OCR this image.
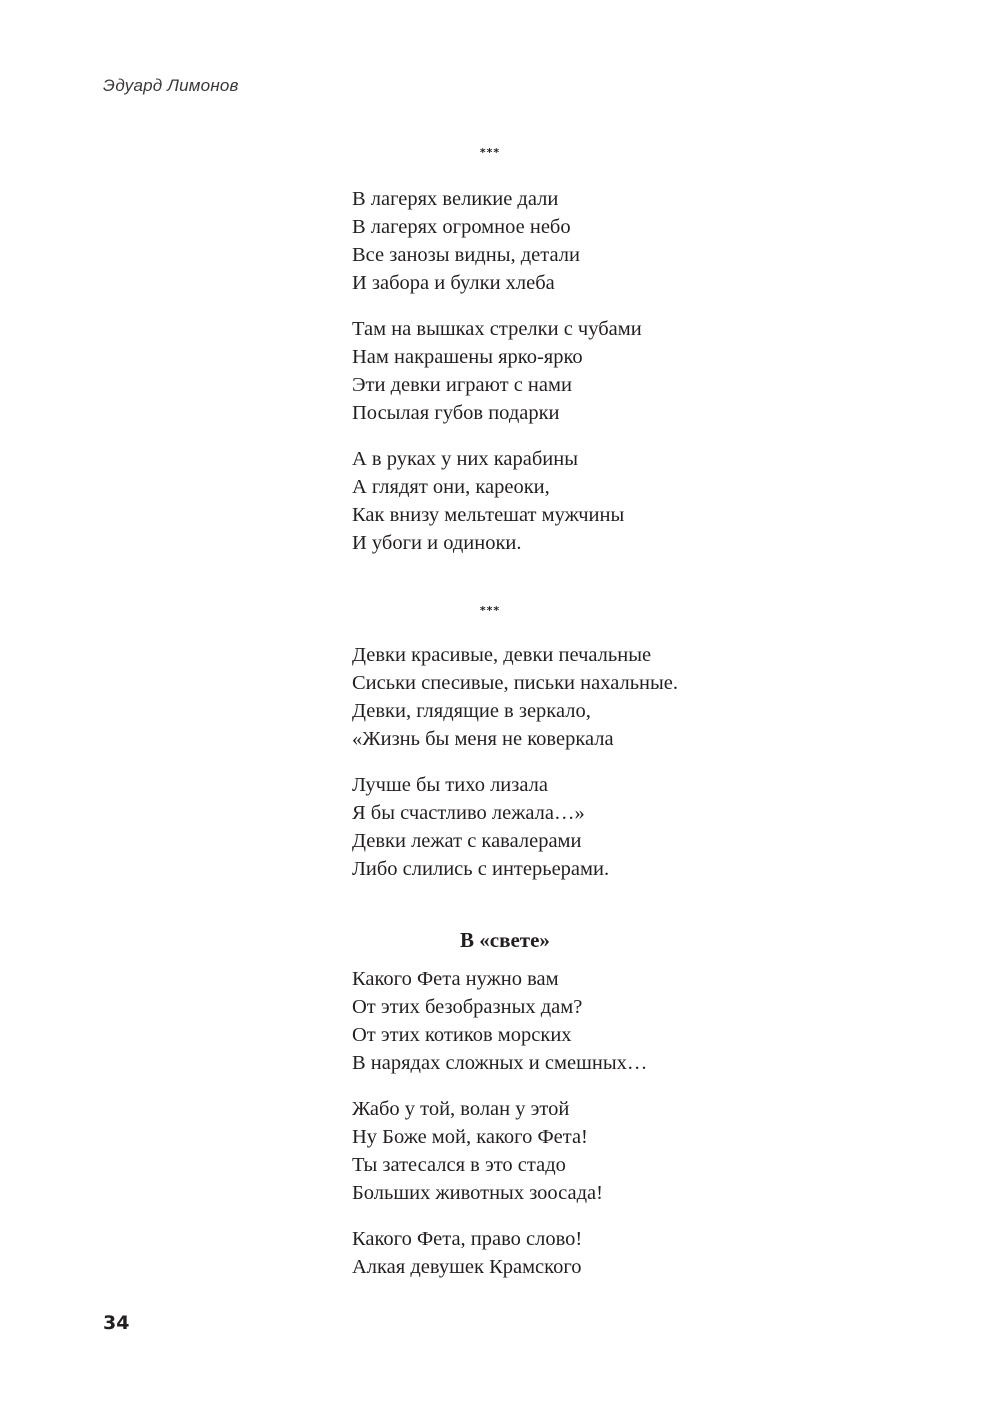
Эдуард Лимонов
***
В лагерях великие дали
В лагерях огромное небо
Все занозы видны, детали
И забора и булки хлеба
Там на вышках стрелки с чубами
Нам накрашены ярко-ярко
Эти девки играют с нами
Посылая губов подарки
А в руках у них карабины
А глядят они, кареоки,
Как внизу мельтешат мужчины
И убоги и одиноки.
***
Девки красивые, девки печальные
Сиськи спесивые, письки нахальные.
Девки, глядящие в зеркало,
«Жизнь бы меня не коверкала
Лучше бы тихо лизала
Я бы счастливо лежала…»
Девки лежат с кавалерами
Либо слились с интерьерами.
В «свете»
Какого Фета нужно вам
От этих безобразных дам?
От этих котиков морских
В нарядах сложных и смешных…
Жабо у той, волан у этой
Ну Боже мой, какого Фета!
Ты затесался в это стадо
Больших животных зоосада!
Какого Фета, право слово!
Алкая девушек Крамского
34
